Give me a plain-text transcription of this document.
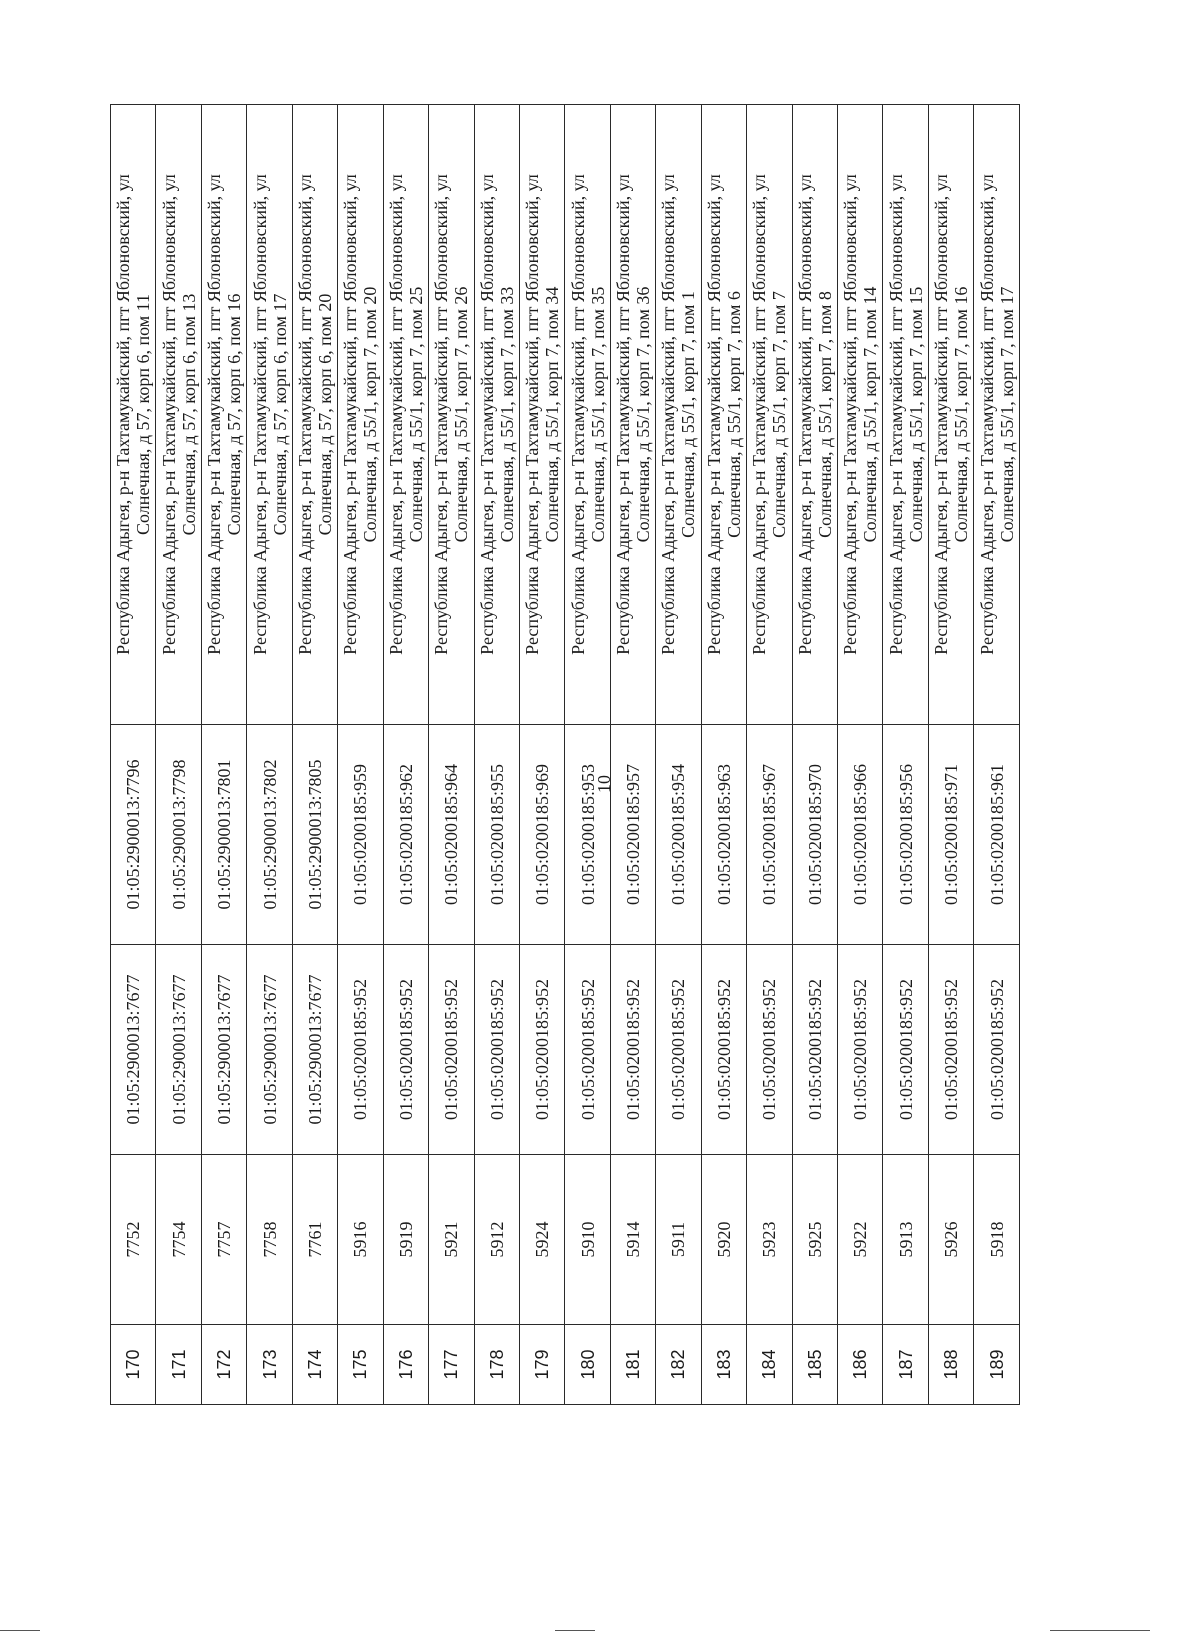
170	7752	01:05:2900013:7677	01:05:2900013:7796	Республика Адыгея, р-н Тахтамукайский, пгт Яблоновский, ул Солнечная, д 57, корп 6, пом 11

171	7754	01:05:2900013:7677	01:05:2900013:7798	Республика Адыгея, р-н Тахтамукайский, пгт Яблоновский, ул Солнечная, д 57, корп 6, пом 13

172	7757	01:05:2900013:7677	01:05:2900013:7801	Республика Адыгея, р-н Тахтамукайский, пгт Яблоновский, ул Солнечная, д 57, корп 6, пом 16

173	7758	01:05:2900013:7677	01:05:2900013:7802	Республика Адыгея, р-н Тахтамукайский, пгт Яблоновский, ул Солнечная, д 57, корп 6, пом 17

174	7761	01:05:2900013:7677	01:05:2900013:7805	Республика Адыгея, р-н Тахтамукайский, пгт Яблоновский, ул Солнечная, д 57, корп 6, пом 20

175	5916	01:05:0200185:952	01:05:0200185:959	Республика Адыгея, р-н Тахтамукайский, пгт Яблоновский, ул Солнечная, д 55/1, корп 7, пом 20

176	5919	01:05:0200185:952	01:05:0200185:962	Республика Адыгея, р-н Тахтамукайский, пгт Яблоновский, ул Солнечная, д 55/1, корп 7, пом 25

177	5921	01:05:0200185:952	01:05:0200185:964	Республика Адыгея, р-н Тахтамукайский, пгт Яблоновский, ул Солнечная, д 55/1, корп 7, пом 26

178	5912	01:05:0200185:952	01:05:0200185:955	Республика Адыгея, р-н Тахтамукайский, пгт Яблоновский, ул Солнечная, д 55/1, корп 7, пом 33

179	5924	01:05:0200185:952	01:05:0200185:969	Республика Адыгея, р-н Тахтамукайский, пгт Яблоновский, ул Солнечная, д 55/1, корп 7, пом 34

180	5910	01:05:0200185:952	01:05:0200185:953	Республика Адыгея, р-н Тахтамукайский, пгт Яблоновский, ул Солнечная, д 55/1, корп 7, пом 35

181	5914	01:05:0200185:952	01:05:0200185:957	Республика Адыгея, р-н Тахтамукайский, пгт Яблоновский, ул Солнечная, д 55/1, корп 7, пом 36

182	5911	01:05:0200185:952	01:05:0200185:954	Республика Адыгея, р-н Тахтамукайский, пгт Яблоновский, ул Солнечная, д 55/1, корп 7, пом 1

183	5920	01:05:0200185:952	01:05:0200185:963	Республика Адыгея, р-н Тахтамукайский, пгт Яблоновский, ул Солнечная, д 55/1, корп 7, пом 6

184	5923	01:05:0200185:952	01:05:0200185:967	Республика Адыгея, р-н Тахтамукайский, пгт Яблоновский, ул Солнечная, д 55/1, корп 7, пом 7

185	5925	01:05:0200185:952	01:05:0200185:970	Республика Адыгея, р-н Тахтамукайский, пгт Яблоновский, ул Солнечная, д 55/1, корп 7, пом 8

186	5922	01:05:0200185:952	01:05:0200185:966	Республика Адыгея, р-н Тахтамукайский, пгт Яблоновский, ул Солнечная, д 55/1, корп 7, пом 14

187	5913	01:05:0200185:952	01:05:0200185:956	Республика Адыгея, р-н Тахтамукайский, пгт Яблоновский, ул Солнечная, д 55/1, корп 7, пом 15

188	5926	01:05:0200185:952	01:05:0200185:971	Республика Адыгея, р-н Тахтамукайский, пгт Яблоновский, ул Солнечная, д 55/1, корп 7, пом 16

189	5918	01:05:0200185:952	01:05:0200185:961	Республика Адыгея, р-н Тахтамукайский, пгт Яблоновский, ул Солнечная, д 55/1, корп 7, пом 17
10
